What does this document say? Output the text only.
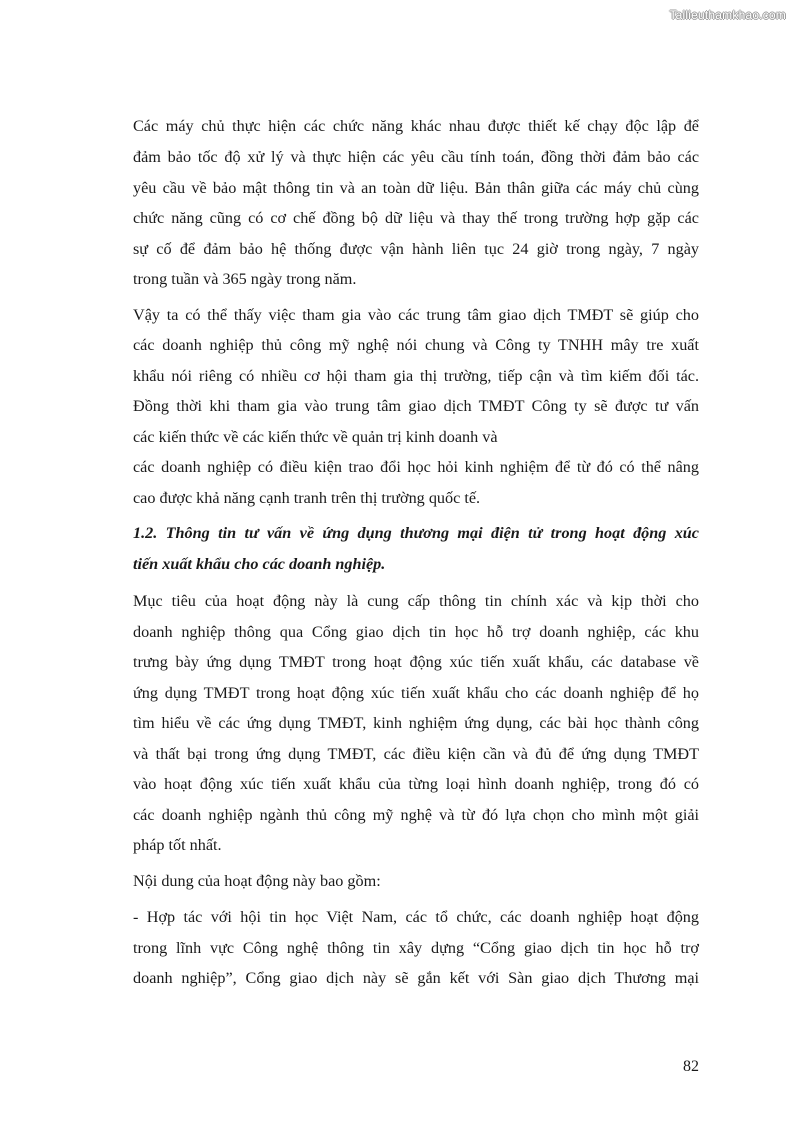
Tailieuthamkhao.com
Các máy chủ thực hiện các chức năng khác nhau được thiết kế chạy độc lập để
đảm bảo tốc độ xử lý và thực hiện các yêu cầu tính toán, đồng thời đảm bảo các
yêu cầu về bảo mật thông tin và an toàn dữ liệu. Bản thân giữa các máy chủ cùng
chức năng cũng có cơ chế đồng bộ dữ liệu và thay thế trong trường hợp gặp các
sự cố để đảm bảo hệ thống được vận hành liên tục 24 giờ trong ngày, 7 ngày
trong tuần và 365 ngày trong năm.
Vậy ta có thể thấy việc tham gia vào các trung tâm giao dịch TMĐT sẽ giúp cho
các doanh nghiệp thủ công mỹ nghệ nói chung và Công ty TNHH mây tre xuất
khẩu nói riêng có nhiều cơ hội tham gia thị trường, tiếp cận và tìm kiếm đối tác.
Đồng thời khi tham gia vào trung tâm giao dịch TMĐT Công ty sẽ được tư vấn
các kiến thức về các kiến thức về quản trị kinh doanh và
các doanh nghiệp có điều kiện trao đổi học hỏi kinh nghiệm để từ đó có thể nâng
cao được khả năng cạnh tranh trên thị trường quốc tế.
1.2. Thông tin tư vấn về ứng dụng thương mại điện tử trong hoạt động xúc
tiến xuất khẩu cho các doanh nghiệp.
Mục tiêu của hoạt động này là cung cấp thông tin chính xác và kịp thời cho
doanh nghiệp thông qua Cổng giao dịch tin học hỗ trợ doanh nghiệp, các khu
trưng bày ứng dụng TMĐT trong hoạt động xúc tiến xuất khẩu, các database về
ứng dụng TMĐT trong hoạt động xúc tiến xuất khẩu cho các doanh nghiệp để họ
tìm hiểu về các ứng dụng TMĐT, kinh nghiệm ứng dụng, các bài học thành công
và thất bại trong ứng dụng TMĐT, các điều kiện cần và đủ để ứng dụng TMĐT
vào hoạt động xúc tiến xuất khẩu của từng loại hình doanh nghiệp, trong đó có
các doanh nghiệp ngành thủ công mỹ nghệ và từ đó lựa chọn cho mình một giải
pháp tốt nhất.
Nội dung của hoạt động này bao gồm:
- Hợp tác với hội tin học Việt Nam, các tổ chức, các doanh nghiệp hoạt động
trong lĩnh vực Công nghệ thông tin xây dựng “Cổng giao dịch tin học hỗ trợ
doanh nghiệp”, Cổng giao dịch này sẽ gắn kết với Sàn giao dịch Thương mại
82
